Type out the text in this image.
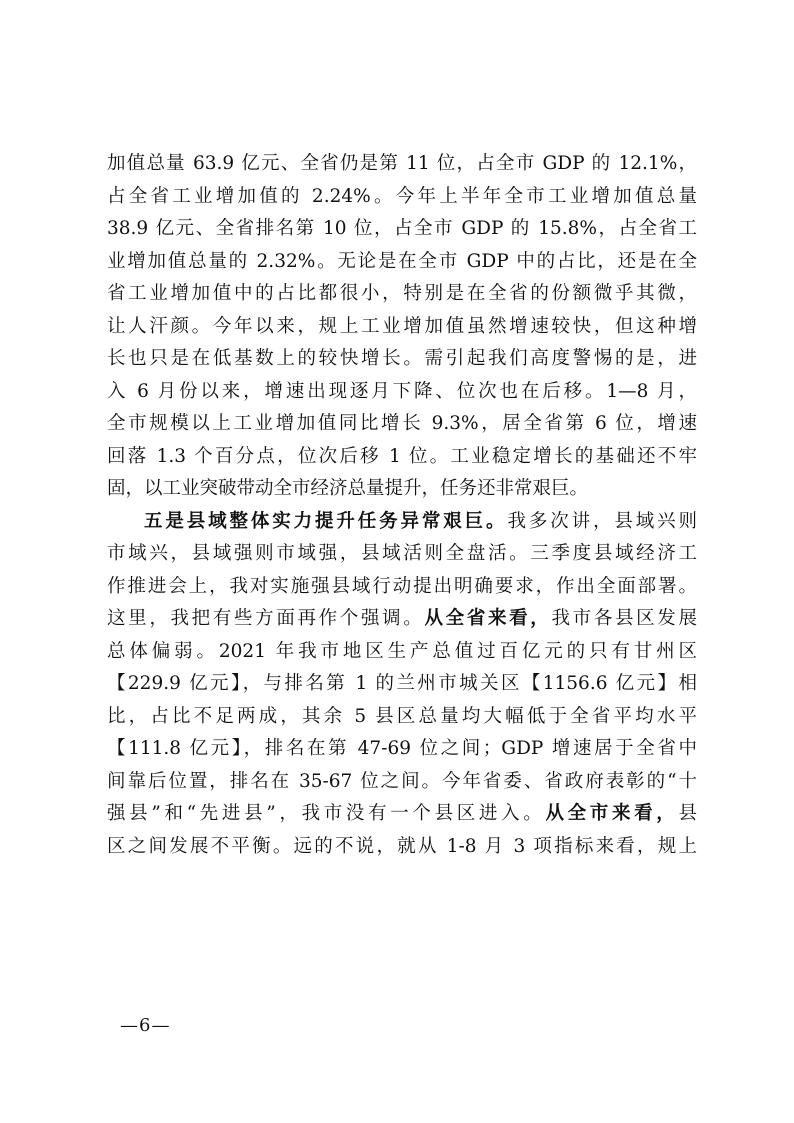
加值总量 63.9 亿元、全省仍是第 11 位，占全市 GDP 的 12.1%，
占全省工业增加值的 2.24%。今年上半年全市工业增加值总量
38.9 亿元、全省排名第 10 位，占全市 GDP 的 15.8%，占全省工
业增加值总量的 2.32%。无论是在全市 GDP 中的占比，还是在全
省工业增加值中的占比都很小，特别是在全省的份额微乎其微，
让人汗颜。今年以来，规上工业增加值虽然增速较快，但这种增
长也只是在低基数上的较快增长。需引起我们高度警惕的是，进
入 6 月份以来，增速出现逐月下降、位次也在后移。1—8 月，
全市规模以上工业增加值同比增长 9.3%，居全省第 6 位，增速
回落 1.3 个百分点，位次后移 1 位。工业稳定增长的基础还不牢
固，以工业突破带动全市经济总量提升，任务还非常艰巨。
五是县域整体实力提升任务异常艰巨。我多次讲，县域兴则
市域兴，县域强则市域强，县域活则全盘活。三季度县域经济工
作推进会上，我对实施强县域行动提出明确要求，作出全面部署。
这里，我把有些方面再作个强调。从全省来看，我市各县区发展
总体偏弱。2021 年我市地区生产总值过百亿元的只有甘州区
【229.9 亿元】，与排名第 1 的兰州市城关区【1156.6 亿元】相
比，占比不足两成，其余 5 县区总量均大幅低于全省平均水平
【111.8 亿元】，排名在第 47-69 位之间；GDP 增速居于全省中
间靠后位置，排名在 35-67 位之间。今年省委、省政府表彰的“十
强县”和“先进县”，我市没有一个县区进入。从全市来看，县
区之间发展不平衡。远的不说，就从 1-8 月 3 项指标来看，规上
—6—
